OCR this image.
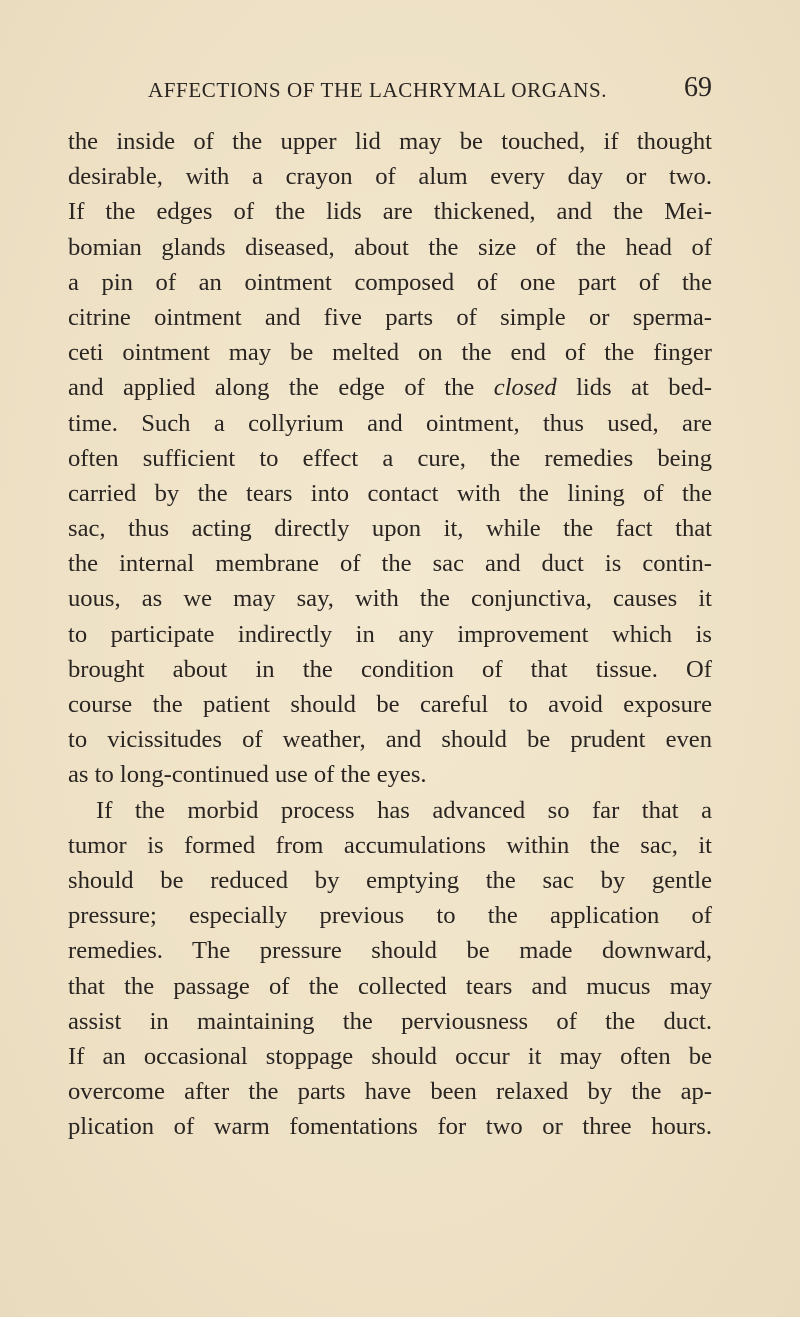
AFFECTIONS OF THE LACHRYMAL ORGANS.	69
the inside of the upper lid may be touched, if thought
desirable, with a crayon of alum every day or two.
If the edges of the lids are thickened, and the Mei-
bomian glands diseased, about the size of the head of
a pin of an ointment composed of one part of the
citrine ointment and five parts of simple or sperma-
ceti ointment may be melted on the end of the finger
and applied along the edge of the closed lids at bed-
time. Such a collyrium and ointment, thus used, are
often sufficient to effect a cure, the remedies being
carried by the tears into contact with the lining of the
sac, thus acting directly upon it, while the fact that
the internal membrane of the sac and duct is contin-
uous, as we may say, with the conjunctiva, causes it
to participate indirectly in any improvement which is
brought about in the condition of that tissue. Of
course the patient should be careful to avoid exposure
to vicissitudes of weather, and should be prudent even
as to long-continued use of the eyes.
If the morbid process has advanced so far that a
tumor is formed from accumulations within the sac, it
should be reduced by emptying the sac by gentle
pressure; especially previous to the application of
remedies. The pressure should be made downward,
that the passage of the collected tears and mucus may
assist in maintaining the perviousness of the duct.
If an occasional stoppage should occur it may often be
overcome after the parts have been relaxed by the ap-
plication of warm fomentations for two or three hours.
